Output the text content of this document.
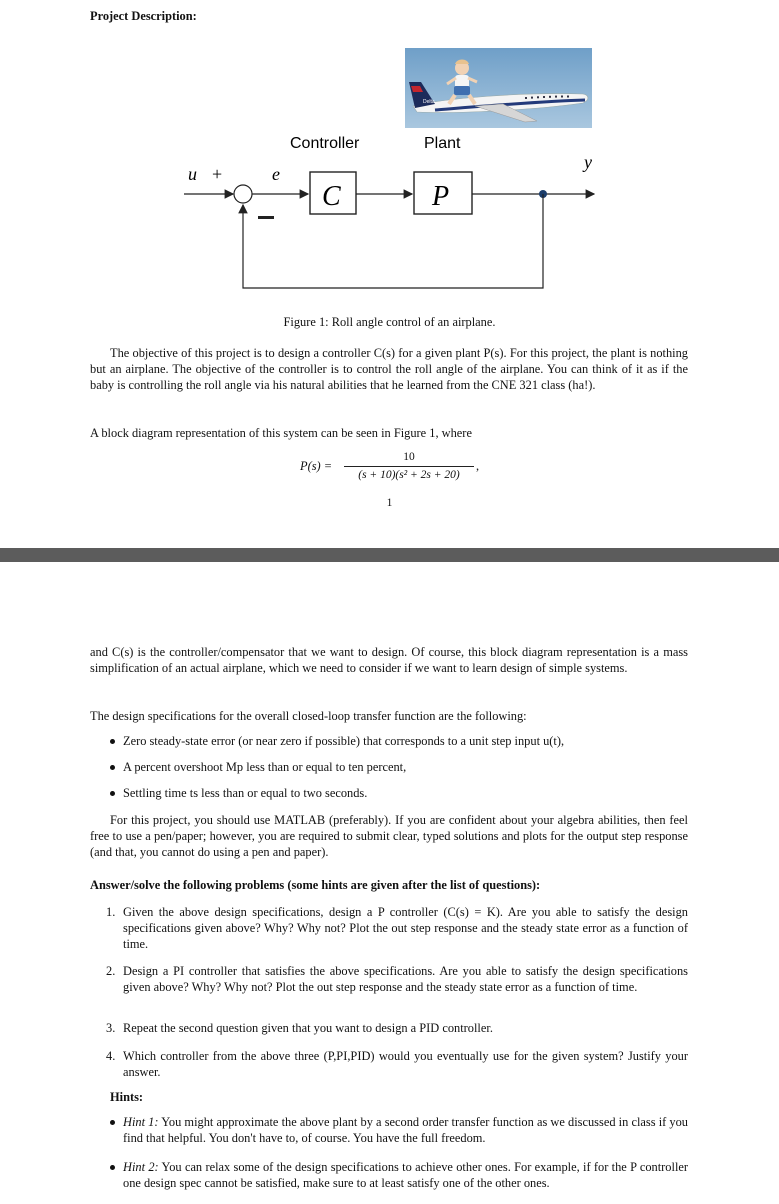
Project Description:
Delta
Controller	Plant
u +	e
y
C	P
Figure 1: Roll angle control of an airplane.

The objective of this project is to design a controller C(s) for a given plant P(s). For this project, the plant is nothing but an airplane. The objective of the controller is to control the roll angle of the airplane. You can think of it as if the baby is controlling the roll angle via his natural abilities that he learned from the CNE 321 class (ha!).

A block diagram representation of this system can be seen in Figure 1, where

P(s) =
10
(s + 10)(s² + 2s + 20)
,
1

and C(s) is the controller/compensator that we want to design. Of course, this block diagram representation is a mass simplification of an actual airplane, which we need to consider if we want to learn design of simple systems.

The design specifications for the overall closed-loop transfer function are the following:

Zero steady-state error (or near zero if possible) that corresponds to a unit step input u(t),

A percent overshoot Mp less than or equal to ten percent,

Settling time ts less than or equal to two seconds.

For this project, you should use MATLAB (preferably). If you are confident about your algebra abilities, then feel free to use a pen/paper; however, you are required to submit clear, typed solutions and plots for the output step response (and that, you cannot do using a pen and paper).

Answer/solve the following problems (some hints are given after the list of questions):

1. Given the above design specifications, design a P controller (C(s) = K). Are you able to satisfy the design specifications given above? Why? Why not? Plot the out step response and the steady state error as a function of time.

2. Design a PI controller that satisfies the above specifications. Are you able to satisfy the design specifications given above? Why? Why not? Plot the out step response and the steady state error as a function of time.

3. Repeat the second question given that you want to design a PID controller.

4. Which controller from the above three (P,PI,PID) would you eventually use for the given system? Justify your answer.

Hints:

Hint 1: You might approximate the above plant by a second order transfer function as we discussed in class if you find that helpful. You don't have to, of course. You have the full freedom.

Hint 2: You can relax some of the design specifications to achieve other ones. For example, if for the P controller one design spec cannot be satisfied, make sure to at least satisfy one of the other ones.
